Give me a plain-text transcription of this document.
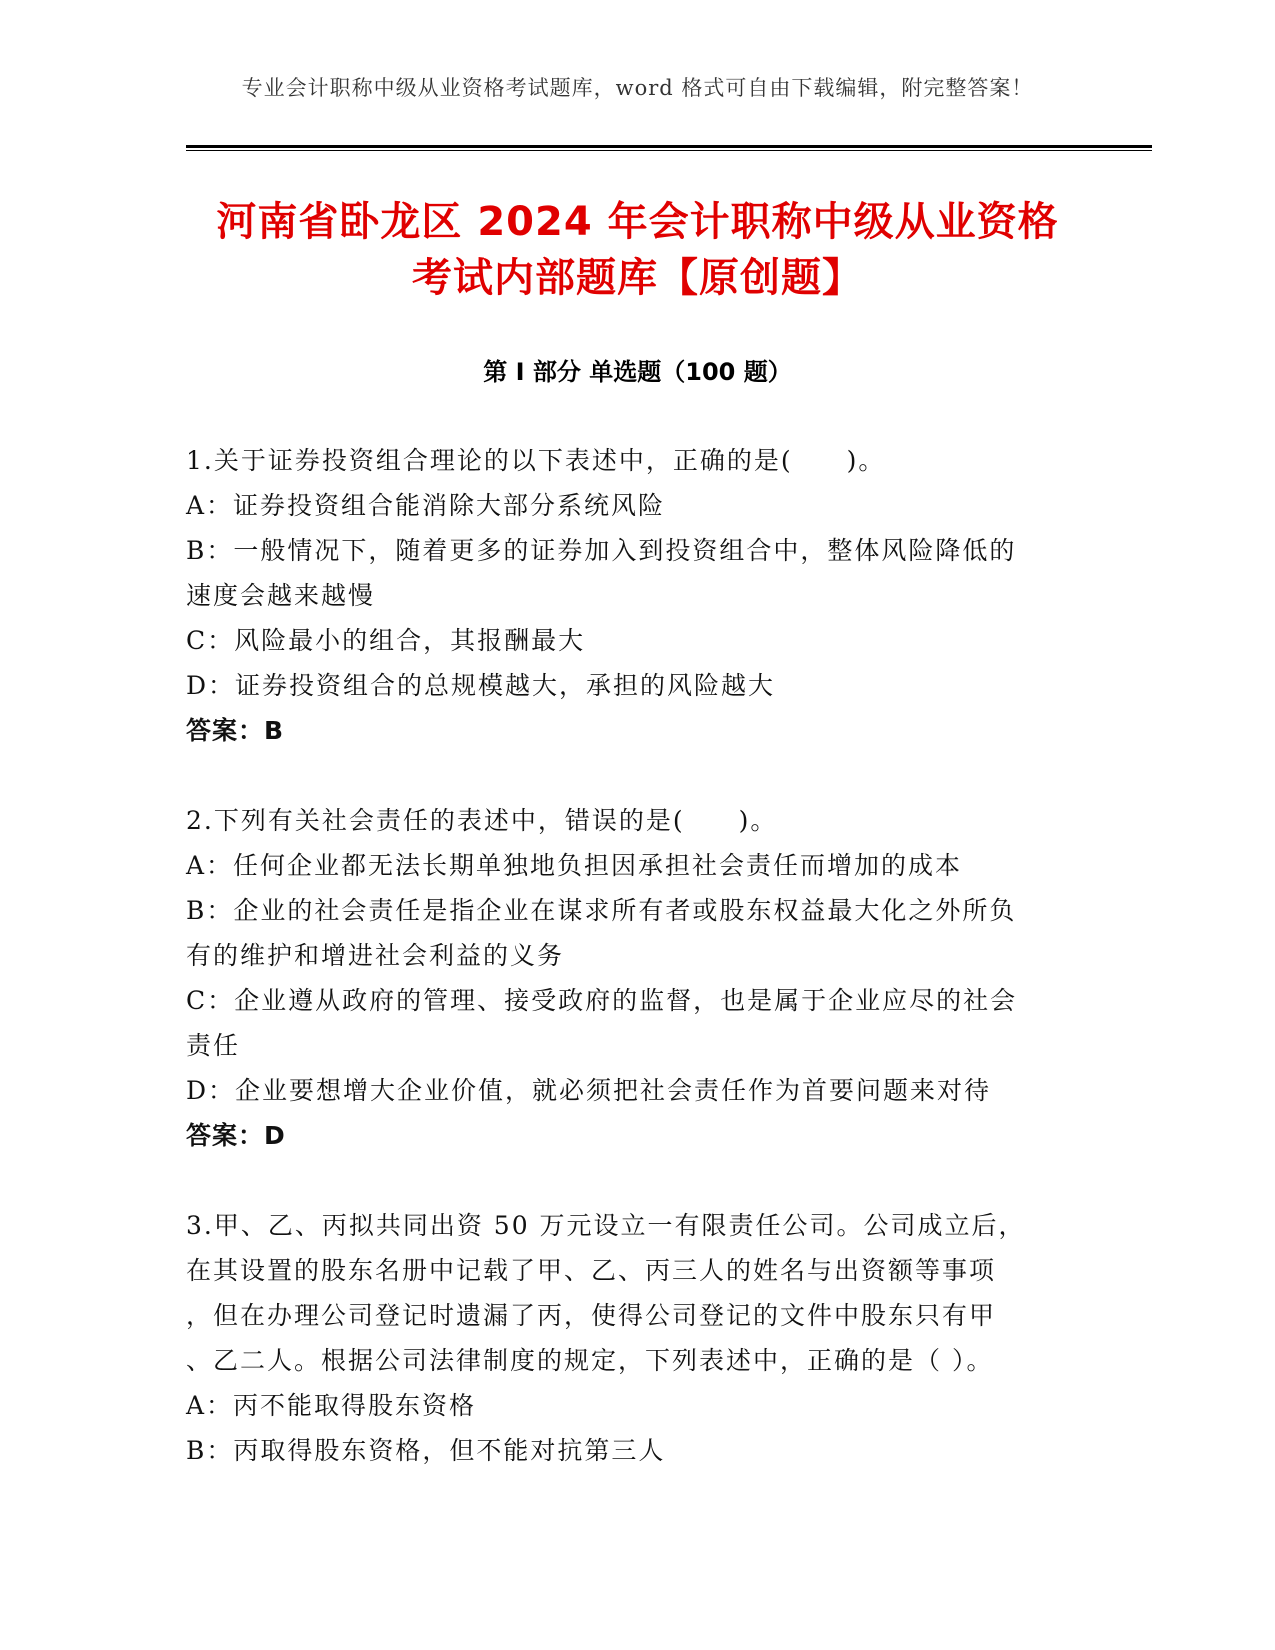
专业会计职称中级从业资格考试题库，word 格式可自由下载编辑，附完整答案！
河南省卧龙区 2024 年会计职称中级从业资格
考试内部题库【原创题】
第 I 部分 单选题（100 题）
1.关于证券投资组合理论的以下表述中，正确的是(　　)。
A：证券投资组合能消除大部分系统风险
B：一般情况下，随着更多的证券加入到投资组合中，整体风险降低的
速度会越来越慢
C：风险最小的组合，其报酬最大
D：证券投资组合的总规模越大，承担的风险越大
答案：B
2.下列有关社会责任的表述中，错误的是(　　)。
A：任何企业都无法长期单独地负担因承担社会责任而增加的成本
B：企业的社会责任是指企业在谋求所有者或股东权益最大化之外所负
有的维护和增进社会利益的义务
C：企业遵从政府的管理、接受政府的监督，也是属于企业应尽的社会
责任
D：企业要想增大企业价值，就必须把社会责任作为首要问题来对待
答案：D
3.甲、乙、丙拟共同出资 50 万元设立一有限责任公司。公司成立后，
在其设置的股东名册中记载了甲、乙、丙三人的姓名与出资额等事项
，但在办理公司登记时遗漏了丙，使得公司登记的文件中股东只有甲
、乙二人。根据公司法律制度的规定，下列表述中，正确的是（ ）。
A：丙不能取得股东资格
B：丙取得股东资格，但不能对抗第三人
